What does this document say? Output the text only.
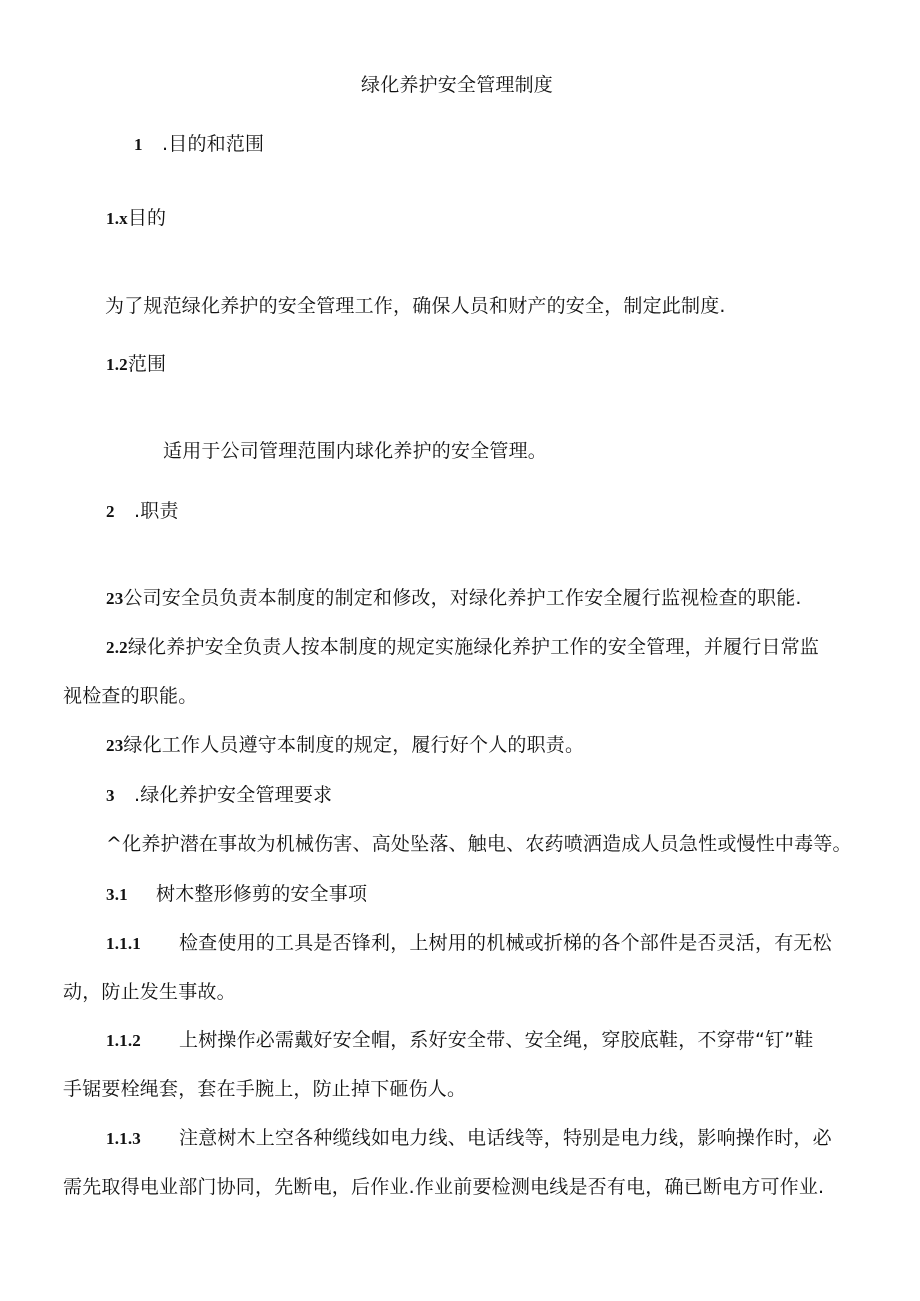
绿化养护安全管理制度
1 .目的和范围
1.x目的
为了规范绿化养护的安全管理工作，确保人员和财产的安全，制定此制度.
1.2范围
适用于公司管理范围内球化养护的安全管理。
2 .职责
23公司安全员负责本制度的制定和修改，对绿化养护工作安全履行监视检查的职能.
2.2绿化养护安全负责人按本制度的规定实施绿化养护工作的安全管理，并履行日常监
视检查的职能。
23绿化工作人员遵守本制度的规定，履行好个人的职责。
3 .绿化养护安全管理要求
^化养护潜在事故为机械伤害、高处坠落、触电、农药喷洒造成人员急性或慢性中毒等。
3.1 树木整形修剪的安全事项
1.1.1 检查使用的工具是否锋利，上树用的机械或折梯的各个部件是否灵活，有无松
动，防止发生事故。
1.1.2 上树操作必需戴好安全帽，系好安全带、安全绳，穿胶底鞋，不穿带“钉”鞋
手锯要栓绳套，套在手腕上，防止掉下砸伤人。
1.1.3 注意树木上空各种缆线如电力线、电话线等，特别是电力线，影响操作时，必
需先取得电业部门协同，先断电，后作业.作业前要检测电线是否有电，确已断电方可作业.
